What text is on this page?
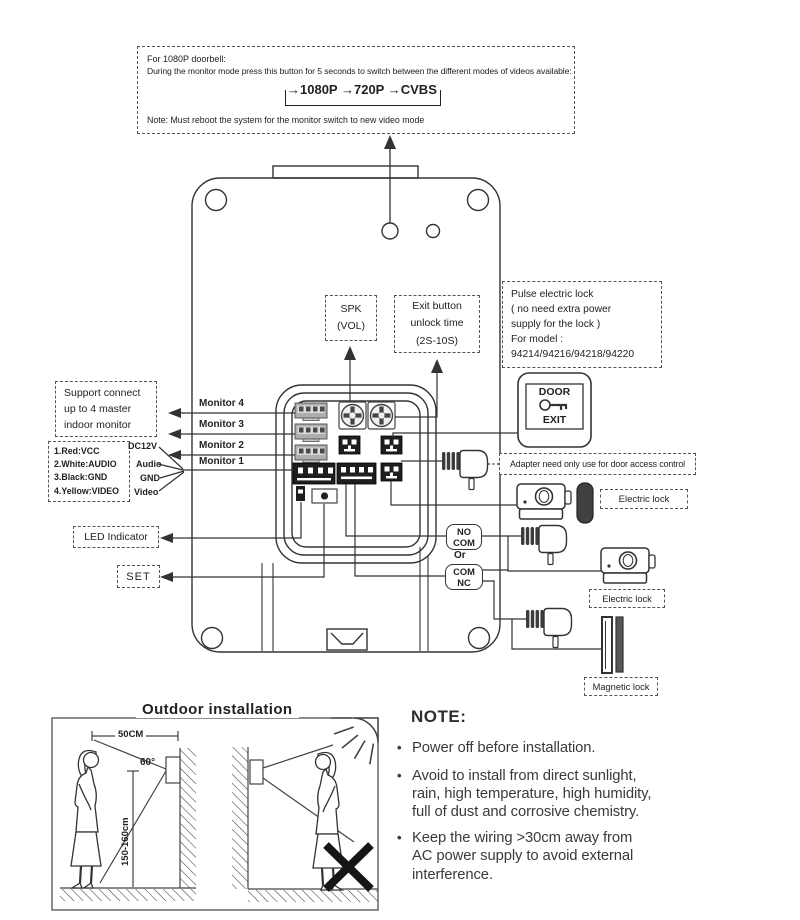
For 1080P doorbell:
During the monitor mode press this button for 5 seconds to switch between the different modes of videos available:
Note: Must reboot the system for the monitor switch to new video mode
→1080P →720P →CVBS
Support connect
up to 4 master
indoor monitor
1.Red:VCC
2.White:AUDIO
3.Black:GND
4.Yellow:VIDEO
DC12V
Audio
GND
Video
Monitor 4
Monitor 3
Monitor 2
Monitor 1
LED Indicator
SET
SPK
(VOL)
Exit button
unlock time
(2S-10S)
Pulse electric lock
( no need extra power
supply for the lock )
For model :
94214/94216/94218/94220
DOOR
EXIT
Adapter need only use for door access control
Electric lock
NO
COM
Or
COM
NC
Electric lock
Magnetic lock
Outdoor installation
50CM
60°
150-160cm
NOTE:
• Power off before installation.
• Avoid to install from direct sunlight,
rain, high temperature, high humidity,
full of dust and corrosive chemistry.
• Keep the wiring >30cm away from
AC power supply to avoid external
interference.
